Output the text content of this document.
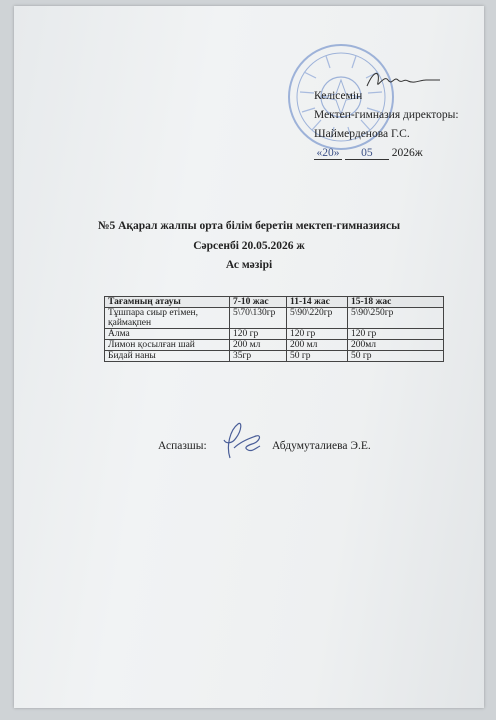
Келісемін
Мектеп-гимназия директоры:
Шаймерденова Г.С.
«20» 05 2026ж
№5 Ақарал жалпы орта білім беретін мектеп-гимназиясы
Сәрсенбі 20.05.2026 ж
Ас мәзірі
Тағамның атауы	7-10 жас	11-14 жас	15-18 жас
Тұшпара сиыр етімен, қаймақпен	5\70\130гр	5\90\220гр	5\90\250гр
Алма	120 гр	120 гр	120 гр
Лимон қосылған шай	200 мл	200 мл	200мл
Бидай наны	35гр	50 гр	50 гр
Аспазшы:	Абдумуталиева Э.Е.
